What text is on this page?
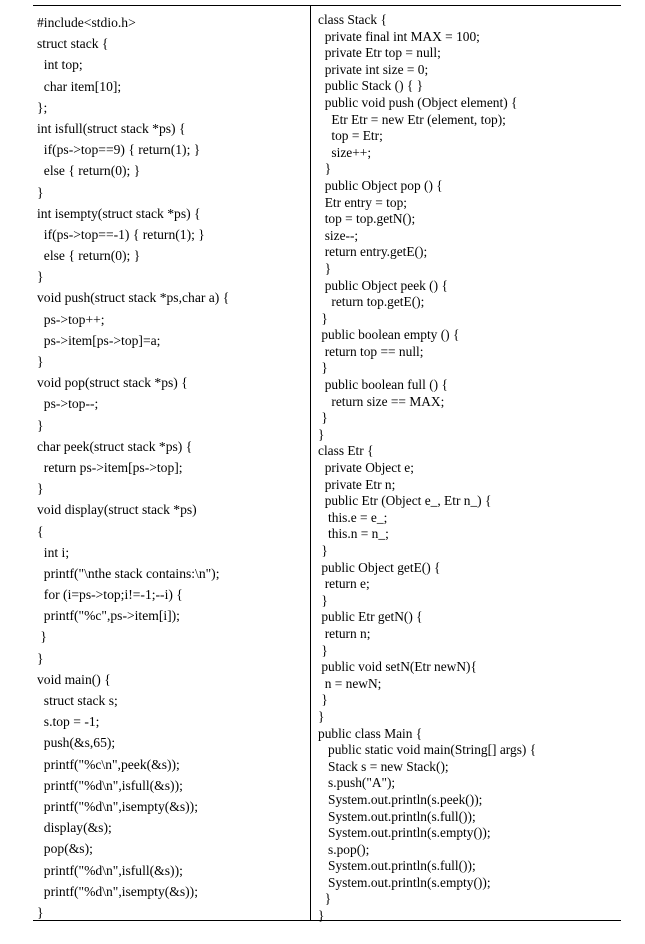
#include<stdio.h>
struct stack {
int top;
char item[10];
};
int isfull(struct stack *ps) {
if(ps->top==9) { return(1); }
else { return(0); }
}
int isempty(struct stack *ps) {
if(ps->top==-1) { return(1); }
else { return(0); }
}
void push(struct stack *ps,char a) {
ps->top++;
ps->item[ps->top]=a;
}
void pop(struct stack *ps) {
ps->top--;
}
char peek(struct stack *ps) {
return ps->item[ps->top];
}
void display(struct stack *ps)
{
int i;
printf("\nthe stack contains:\n");
for (i=ps->top;i!=-1;--i) {
printf("%c",ps->item[i]);
}
}
void main() {
struct stack s;
s.top = -1;
push(&s,65);
printf("%c\n",peek(&s));
printf("%d\n",isfull(&s));
printf("%d\n",isempty(&s));
display(&s);
pop(&s);
printf("%d\n",isfull(&s));
printf("%d\n",isempty(&s));
}
class Stack {
private final int MAX = 100;
private Etr top = null;
private int size = 0;
public Stack () { }
public void push (Object element) {
Etr Etr = new Etr (element, top);
top = Etr;
size++;
}
public Object pop () {
Etr entry = top;
top = top.getN();
size--;
return entry.getE();
}
public Object peek () {
return top.getE();
}
public boolean empty () {
return top == null;
}
public boolean full () {
return size == MAX;
}
}
class Etr {
private Object e;
private Etr n;
public Etr (Object e_, Etr n_) {
this.e = e_;
this.n = n_;
}
public Object getE() {
return e;
}
public Etr getN() {
return n;
}
public void setN(Etr newN){
n = newN;
}
}
public class Main {
public static void main(String[] args) {
Stack s = new Stack();
s.push("A");
System.out.println(s.peek());
System.out.println(s.full());
System.out.println(s.empty());
s.pop();
System.out.println(s.full());
System.out.println(s.empty());
}
}
